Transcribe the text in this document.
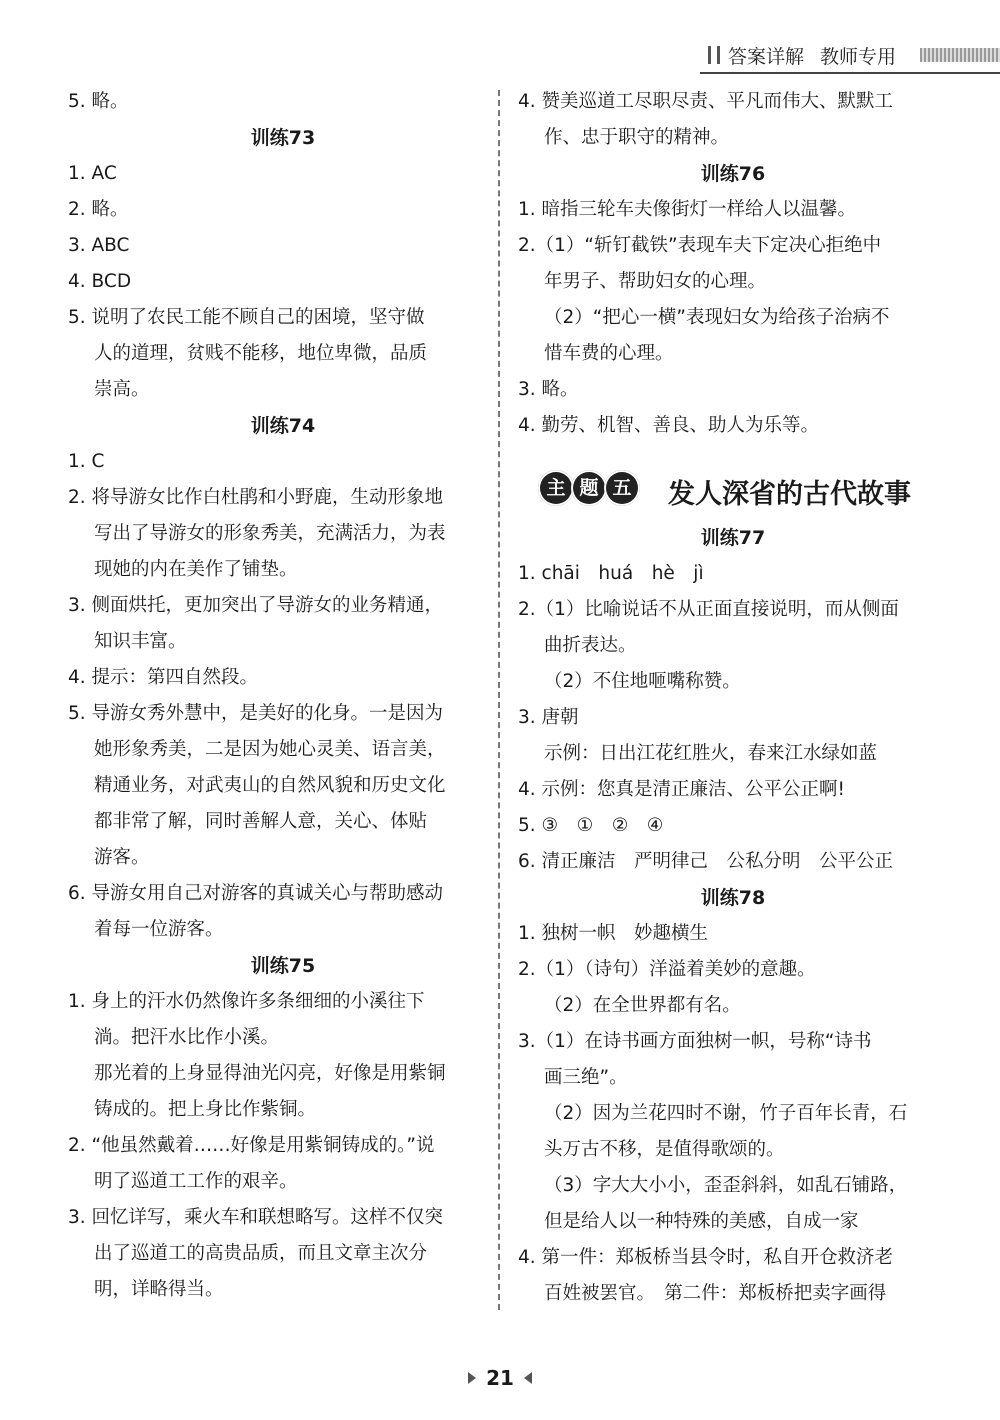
答案详解 教师专用
5. 略。
训练73
1. AC
2. 略。
3. ABC
4. BCD
5. 说明了农民工能不顾自己的困境，坚守做
人的道理，贫贱不能移，地位卑微，品质
崇高。
训练74
1. C
2. 将导游女比作白杜鹃和小野鹿，生动形象地
写出了导游女的形象秀美，充满活力，为表
现她的内在美作了铺垫。
3. 侧面烘托，更加突出了导游女的业务精通，
知识丰富。
4. 提示：第四自然段。
5. 导游女秀外慧中，是美好的化身。一是因为
她形象秀美，二是因为她心灵美、语言美，
精通业务，对武夷山的自然风貌和历史文化
都非常了解，同时善解人意，关心、体贴
游客。
6. 导游女用自己对游客的真诚关心与帮助感动
着每一位游客。
训练75
1. 身上的汗水仍然像许多条细细的小溪往下
淌。把汗水比作小溪。
那光着的上身显得油光闪亮，好像是用紫铜
铸成的。把上身比作紫铜。
2. “他虽然戴着……好像是用紫铜铸成的。”说
明了巡道工工作的艰辛。
3. 回忆详写，乘火车和联想略写。这样不仅突
出了巡道工的高贵品质，而且文章主次分
明，详略得当。
4. 赞美巡道工尽职尽责、平凡而伟大、默默工
作、忠于职守的精神。
训练76
1. 暗指三轮车夫像街灯一样给人以温馨。
2.（1）“斩钉截铁”表现车夫下定决心拒绝中
年男子、帮助妇女的心理。
（2）“把心一横”表现妇女为给孩子治病不
惜车费的心理。
3. 略。
4. 勤劳、机智、善良、助人为乐等。
主 题 五	发人深省的古代故事
训练77
1. chāi　huá　hè　jì
2.（1）比喻说话不从正面直接说明，而从侧面
曲折表达。
（2）不住地咂嘴称赞。
3. 唐朝
示例：日出江花红胜火，春来江水绿如蓝
4. 示例：您真是清正廉洁、公平公正啊!
5. ③　①　②　④
6. 清正廉洁　严明律己　公私分明　公平公正
训练78
1. 独树一帜　妙趣横生
2.（1）（诗句）洋溢着美妙的意趣。
（2）在全世界都有名。
3.（1）在诗书画方面独树一帜，号称“诗书
画三绝”。
（2）因为兰花四时不谢，竹子百年长青，石
头万古不移，是值得歌颂的。
（3）字大大小小，歪歪斜斜，如乱石铺路，
但是给人以一种特殊的美感，自成一家
4. 第一件：郑板桥当县令时，私自开仓救济老
百姓被罢官。　第二件：郑板桥把卖字画得
21
